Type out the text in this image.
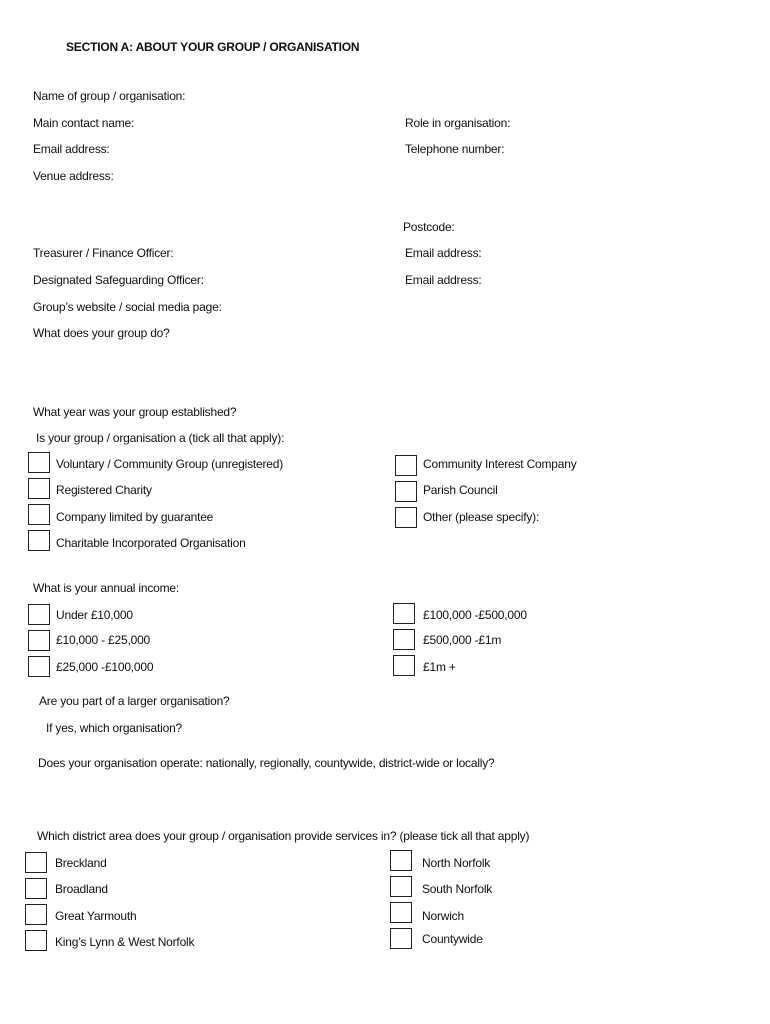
SECTION A: ABOUT YOUR GROUP / ORGANISATION
Name of group / organisation:
Main contact name:	Role in organisation:
Email address:	Telephone number:
Venue address:
Postcode:
Treasurer / Finance Officer:	Email address:
Designated Safeguarding Officer:	Email address:
Group’s website / social media page:
What does your group do?
What year was your group established?
Is your group / organisation a (tick all that apply):
Voluntary / Community Group (unregistered)
Registered Charity
Company limited by guarantee
Charitable Incorporated Organisation
Community Interest Company
Parish Council
Other (please specify):
What is your annual income:
Under £10,000
£10,000 - £25,000
£25,000 -£100,000
£100,000 -£500,000
£500,000 -£1m
£1m +
Are you part of a larger organisation?
If yes, which organisation?
Does your organisation operate: nationally, regionally, countywide, district-wide or locally?
Which district area does your group / organisation provide services in? (please tick all that apply)
Breckland
Broadland
Great Yarmouth
King’s Lynn & West Norfolk
North Norfolk
South Norfolk
Norwich
Countywide
